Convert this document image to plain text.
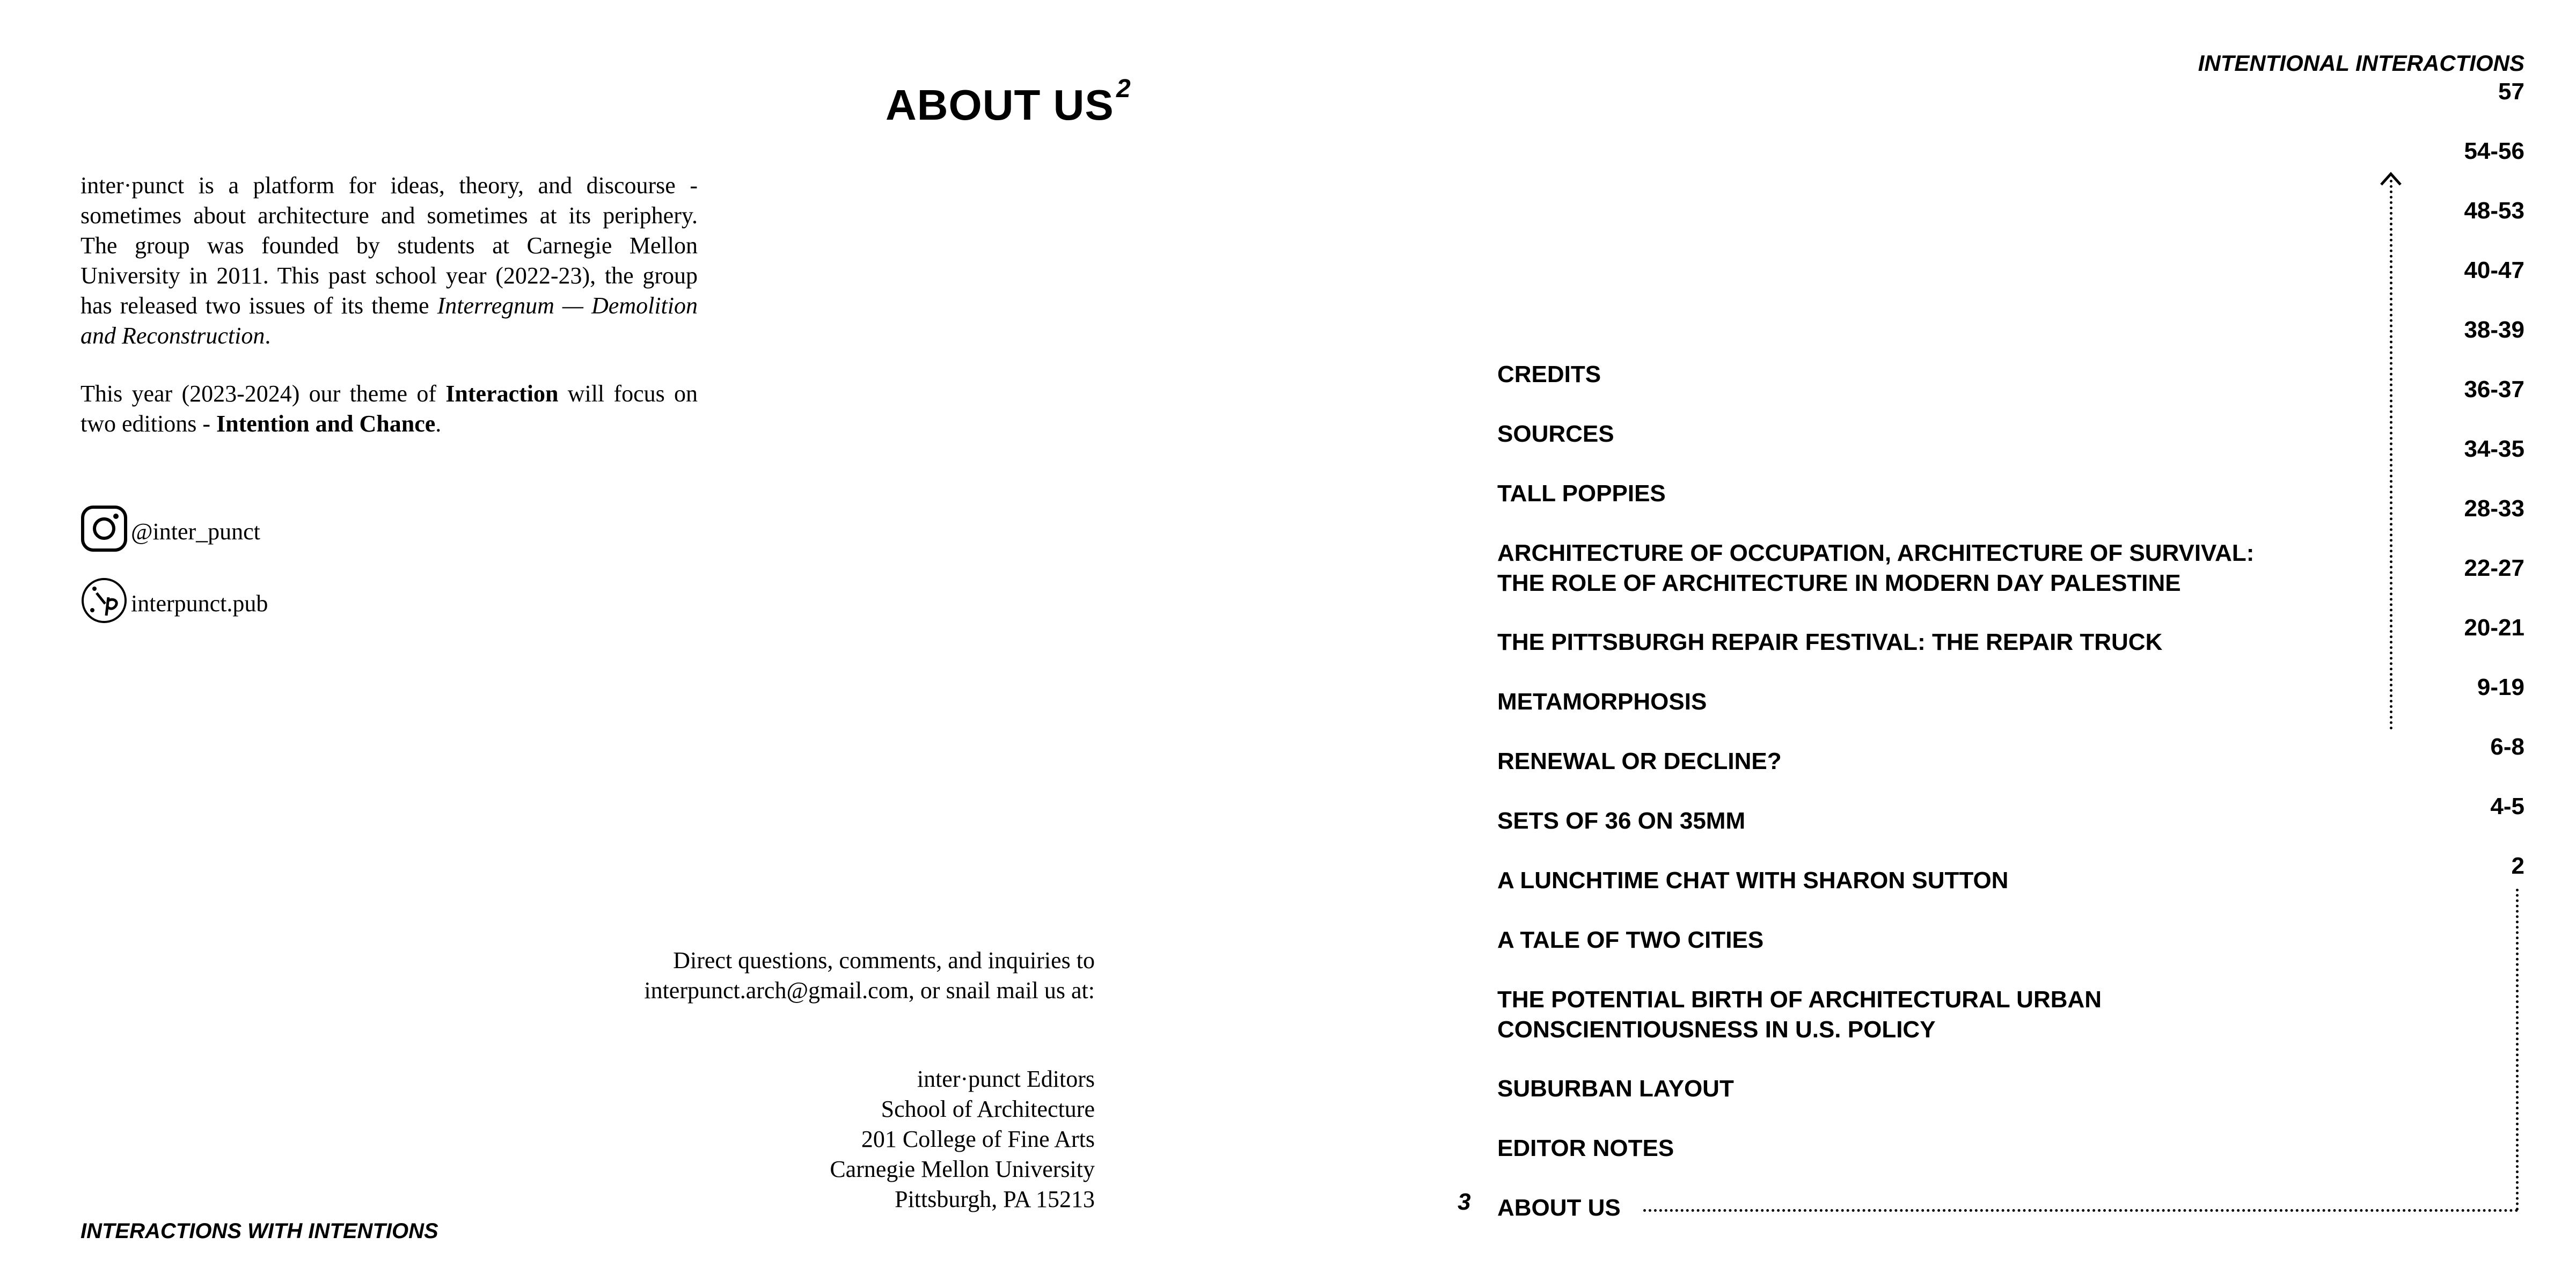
ABOUT US 2

inter·punct is a platform for ideas, theory, and discourse - sometimes about architecture and sometimes at its periphery. The group was founded by students at Carnegie Mellon University in 2011. This past school year (2022-23), the group has released two issues of its theme Interregnum — Demolition and Reconstruction.

This year (2023-2024) our theme of Interaction will focus on two editions - Intention and Chance.

@inter_punct
interpunct.pub
Direct questions, comments, and inquiries to
interpunct.arch@gmail.com, or snail mail us at:
inter·punct Editors
School of Architecture
201 College of Fine Arts
Carnegie Mellon University
Pittsburgh, PA 15213
INTERACTIONS WITH INTENTIONS
INTENTIONAL INTERACTIONS
57
54-56
48-53
40-47
38-39
36-37
34-35
28-33
22-27
20-21
9-19
6-8
4-5
2
CREDITS
SOURCES
TALL POPPIES
ARCHITECTURE OF OCCUPATION, ARCHITECTURE OF SURVIVAL:
THE ROLE OF ARCHITECTURE IN MODERN DAY PALESTINE
THE PITTSBURGH REPAIR FESTIVAL: THE REPAIR TRUCK
METAMORPHOSIS
RENEWAL OR DECLINE?
SETS OF 36 ON 35MM
A LUNCHTIME CHAT WITH SHARON SUTTON
A TALE OF TWO CITIES
THE POTENTIAL BIRTH OF ARCHITECTURAL URBAN
CONSCIENTIOUSNESS IN U.S. POLICY
SUBURBAN LAYOUT
EDITOR NOTES
ABOUT US
3
